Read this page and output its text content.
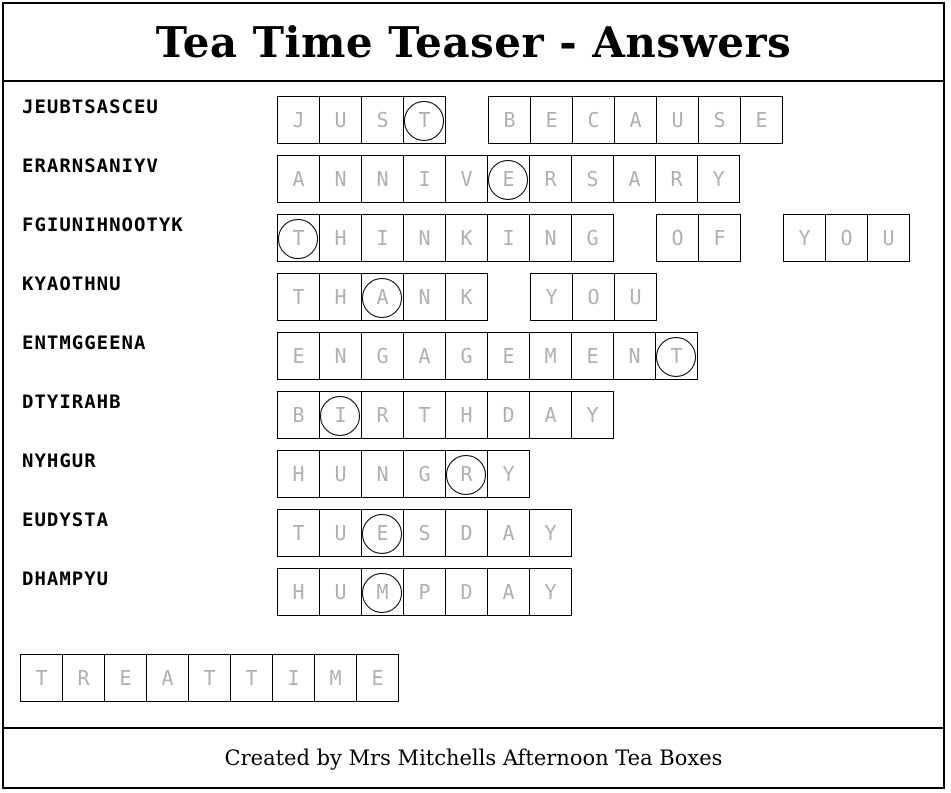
Tea Time Teaser - Answers
Created by Mrs Mitchells Afternoon Tea Boxes
JEUBTSASCEU
J	U	S	T	B	E	C	A	U	S	E
ERARNSANIYV
A	N	N	I	V	E	R	S	A	R	Y
FGIUNIHNOOTYK
T	H	I	N	K	I	N	G	O	F	Y	O	U
KYAOTHNU
T	H	A	N	K	Y	O	U
ENTMGGEENA
E	N	G	A	G	E	M	E	N	T
DTYIRAHB
B	I	R	T	H	D	A	Y
NYHGUR
H	U	N	G	R	Y
EUDYSTA
T	U	E	S	D	A	Y
DHAMPYU
H	U	M	P	D	A	Y
T	R	E	A	T	T	I	M	E
